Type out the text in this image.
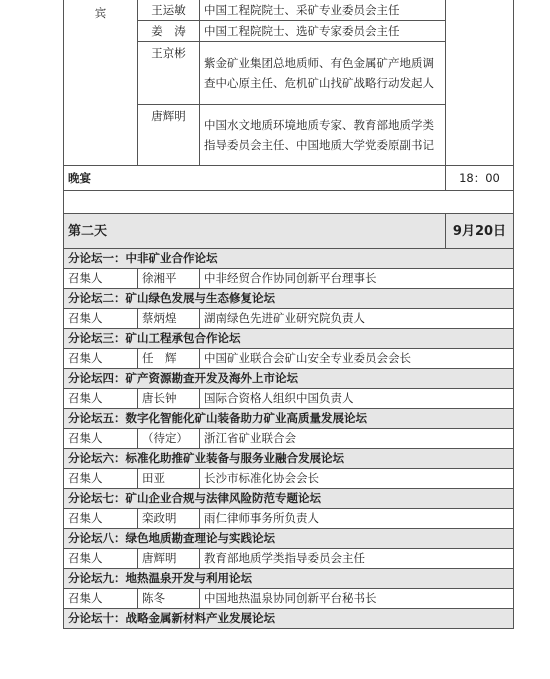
宾	王运敏	中国工程院院士、采矿专业委员会主任	
	姜　涛	中国工程院院士、选矿专家委员会主任	
	王京彬	紫金矿业集团总地质师、有色金属矿产地质调查中心原主任、危机矿山找矿战略行动发起人	
	唐辉明	中国水文地质环境地质专家、教育部地质学类指导委员会主任、中国地质大学党委原副书记	
晚宴			18：00

第二天			9月20日
分论坛一：中非矿业合作论坛			
召集人	徐湘平	中非经贸合作协同创新平台理事长	
分论坛二：矿山绿色发展与生态修复论坛			
召集人	蔡炳煌	湖南绿色先进矿业研究院负责人	
分论坛三：矿山工程承包合作论坛			
召集人	任　辉	中国矿业联合会矿山安全专业委员会会长	
分论坛四：矿产资源勘查开发及海外上市论坛			
召集人	唐长钟	国际合资格人组织中国负责人	
分论坛五：数字化智能化矿山装备助力矿业高质量发展论坛			
召集人	（待定）	浙江省矿业联合会	
分论坛六：标准化助推矿业装备与服务业融合发展论坛			
召集人	田亚	长沙市标准化协会会长	
分论坛七：矿山企业合规与法律风险防范专题论坛			
召集人	栾政明	雨仁律师事务所负责人	
分论坛八：绿色地质勘查理论与实践论坛			
召集人	唐辉明	教育部地质学类指导委员会主任	
分论坛九：地热温泉开发与利用论坛			
召集人	陈冬	中国地热温泉协同创新平台秘书长	
分论坛十：战略金属新材料产业发展论坛			
